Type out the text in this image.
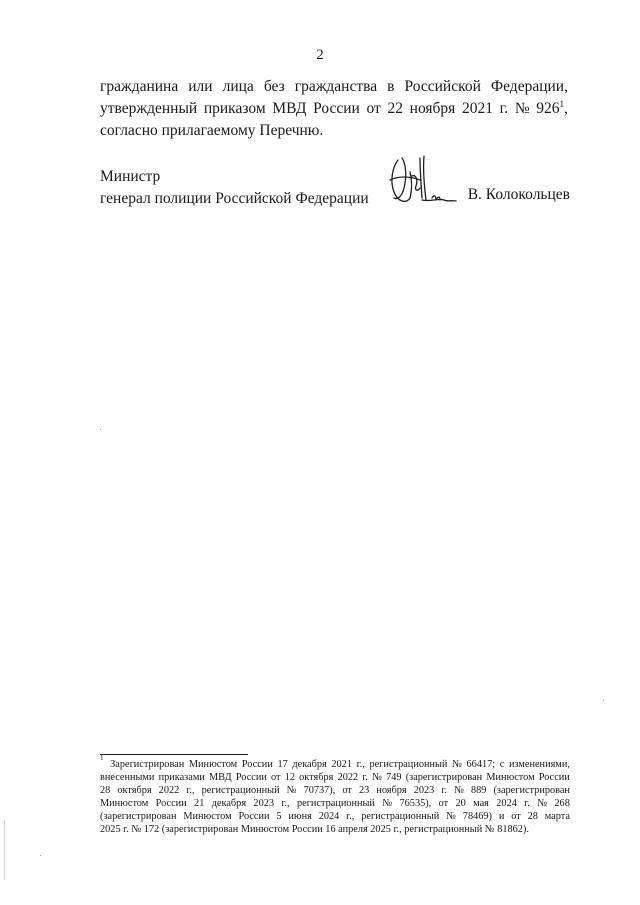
2
гражданина или лица без гражданства в Российской Федерации,
утвержденный приказом МВД России от 22 ноября 2021 г. № 926$^1$,
согласно прилагаемому Перечню.
Министр
генерал полиции Российской Федерации	В. Колокольцев
1
Зарегистрирован Минюстом России 17 декабря 2021 г., регистрационный № 66417; с изменениями,
внесенными приказами МВД России от 12 октября 2022 г. № 749 (зарегистрирован Минюстом России
28 октября 2022 г., регистрационный № 70737), от 23 ноября 2023 г. № 889 (зарегистрирован
Минюстом России 21 декабря 2023 г., регистрационный № 76535), от 20 мая 2024 г. № 268
(зарегистрирован Минюстом России 5 июня 2024 г., регистрационный № 78469) и от 28 марта
2025 г. № 172 (зарегистрирован Минюстом России 16 апреля 2025 г., регистрационный № 81862).
